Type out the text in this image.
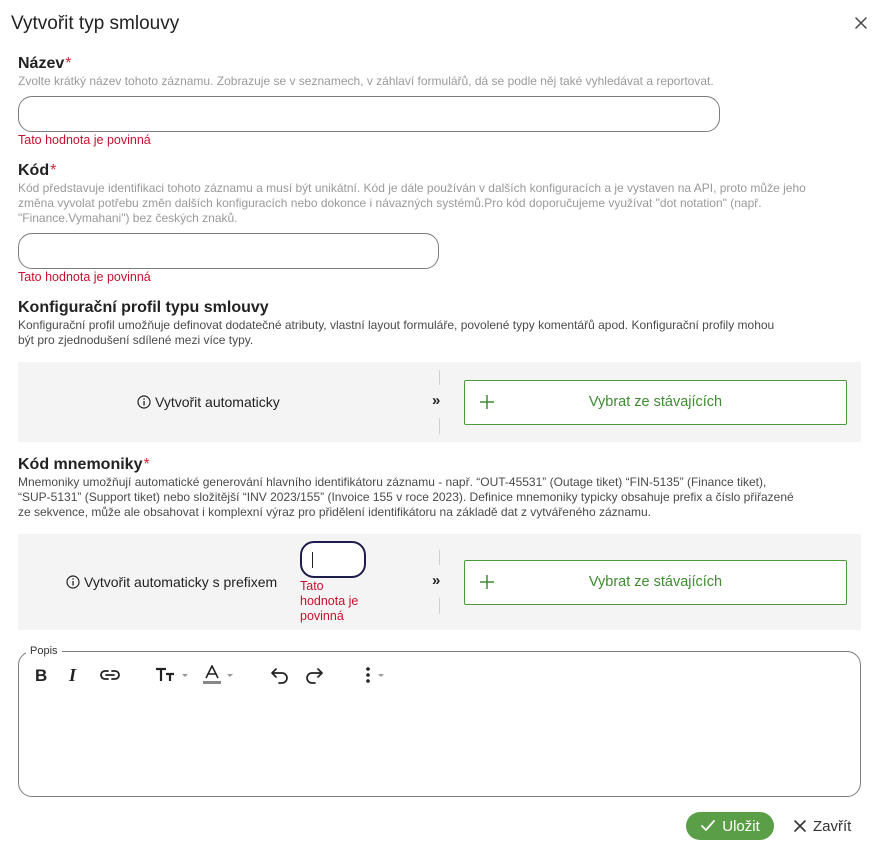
Vytvořit typ smlouvy
Název*
Zvolte krátký název tohoto záznamu. Zobrazuje se v seznamech, v záhlaví formulářů, dá se podle něj také vyhledávat a reportovat.
Tato hodnota je povinná
Kód*
Kód představuje identifikaci tohoto záznamu a musí být unikátní. Kód je dále používán v dalších konfiguracích a je vystaven na API, proto může jeho
změna vyvolat potřebu změn dalších konfiguracích nebo dokonce i návazných systémů.Pro kód doporučujeme využívat "dot notation" (např.
"Finance.Vymahani") bez českých znaků.
Tato hodnota je povinná
Konfigurační profil typu smlouvy
Konfigurační profil umožňuje definovat dodatečné atributy, vlastní layout formuláře, povolené typy komentářů apod. Konfigurační profily mohou
být pro zjednodušení sdílené mezi více typy.
Vytvořit automaticky	»	Vybrat ze stávajících
Kód mnemoniky*
Mnemoniky umožňují automatické generování hlavního identifikátoru záznamu - např. “OUT-45531” (Outage tiket) “FIN-5135” (Finance tiket),
“SUP-5131” (Support tiket) nebo složitější “INV 2023/155” (Invoice 155 v roce 2023). Definice mnemoniky typicky obsahuje prefix a číslo přiřazené
ze sekvence, může ale obsahovat i komplexní výraz pro přidělení identifikátoru na základě dat z vytvářeného záznamu.
Vytvořit automaticky s prefixem Tato hodnota je povinná
»	Vybrat ze stávajících
Popis
B I
Uložit	Zavřít
